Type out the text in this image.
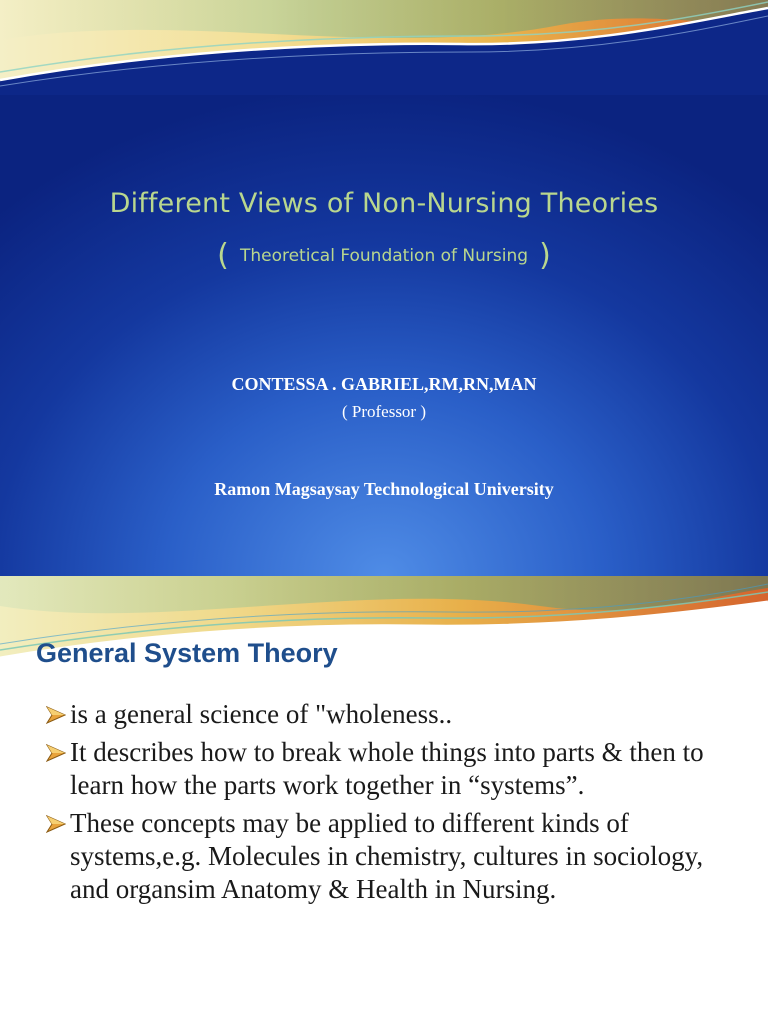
Different Views of Non-Nursing Theories
( Theoretical Foundation of Nursing )
CONTESSA . GABRIEL,RM,RN,MAN
( Professor )
Ramon Magsaysay Technological University
General System Theory
is a general science of "wholeness..
It describes how to break whole things into parts & then to learn how the parts work together in “systems”.
These concepts may be applied to different kinds of systems,e.g. Molecules in chemistry, cultures in sociology, and organsim Anatomy & Health in Nursing.
